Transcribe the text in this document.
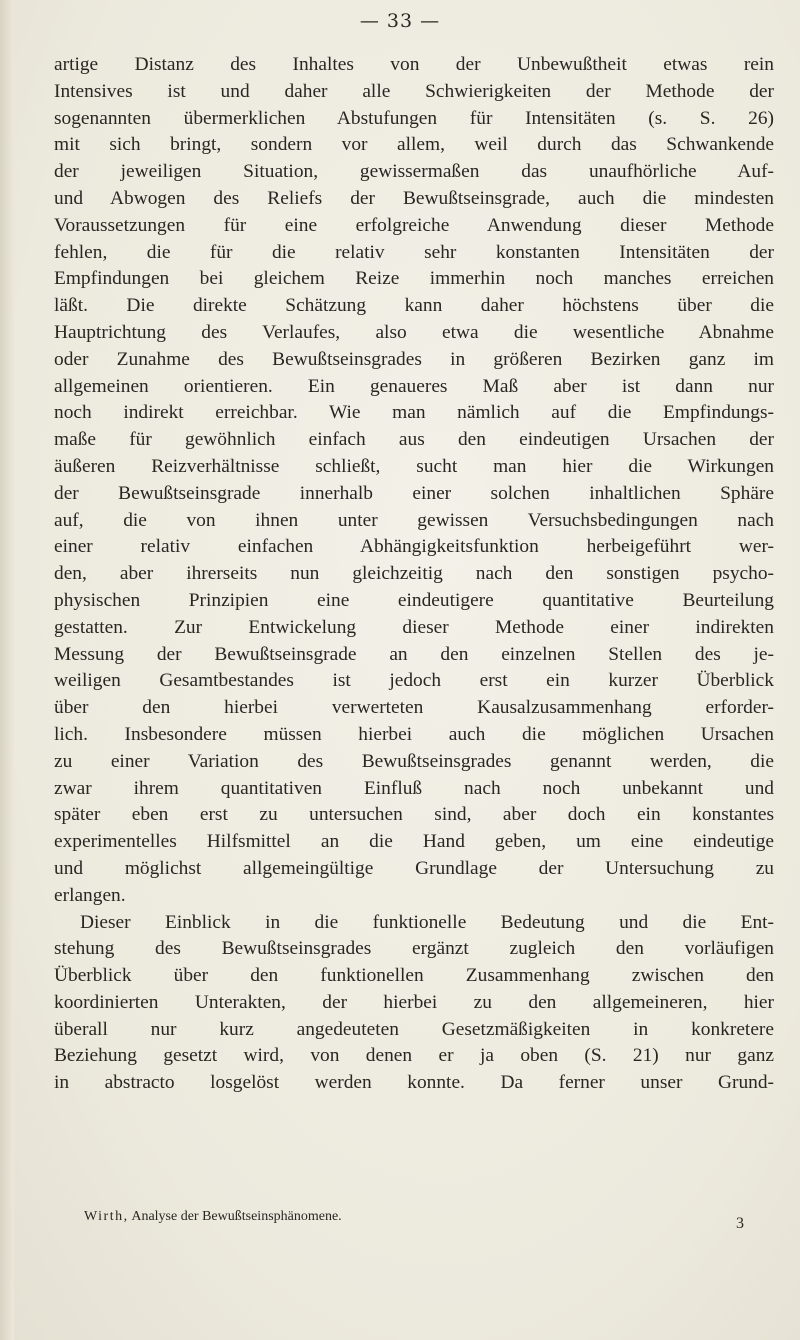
— 33 —
artige Distanz des Inhaltes von der Unbewußtheit etwas rein
Intensives ist und daher alle Schwierigkeiten der Methode der
sogenannten übermerklichen Abstufungen für Intensitäten (s. S. 26)
mit sich bringt, sondern vor allem, weil durch das Schwankende
der jeweiligen Situation, gewissermaßen das unaufhörliche Auf-
und Abwogen des Reliefs der Bewußtseinsgrade, auch die mindesten
Voraussetzungen für eine erfolgreiche Anwendung dieser Methode
fehlen, die für die relativ sehr konstanten Intensitäten der
Empfindungen bei gleichem Reize immerhin noch manches erreichen
läßt. Die direkte Schätzung kann daher höchstens über die
Hauptrichtung des Verlaufes, also etwa die wesentliche Abnahme
oder Zunahme des Bewußtseinsgrades in größeren Bezirken ganz im
allgemeinen orientieren. Ein genaueres Maß aber ist dann nur
noch indirekt erreichbar. Wie man nämlich auf die Empfindungs-
maße für gewöhnlich einfach aus den eindeutigen Ursachen der
äußeren Reizverhältnisse schließt, sucht man hier die Wirkungen
der Bewußtseinsgrade innerhalb einer solchen inhaltlichen Sphäre
auf, die von ihnen unter gewissen Versuchsbedingungen nach
einer relativ einfachen Abhängigkeitsfunktion herbeigeführt wer-
den, aber ihrerseits nun gleichzeitig nach den sonstigen psycho-
physischen Prinzipien eine eindeutigere quantitative Beurteilung
gestatten. Zur Entwickelung dieser Methode einer indirekten
Messung der Bewußtseinsgrade an den einzelnen Stellen des je-
weiligen Gesamtbestandes ist jedoch erst ein kurzer Überblick
über den hierbei verwerteten Kausalzusammenhang erforder-
lich. Insbesondere müssen hierbei auch die möglichen Ursachen
zu einer Variation des Bewußtseinsgrades genannt werden, die
zwar ihrem quantitativen Einfluß nach noch unbekannt und
später eben erst zu untersuchen sind, aber doch ein konstantes
experimentelles Hilfsmittel an die Hand geben, um eine eindeutige
und möglichst allgemeingültige Grundlage der Untersuchung zu
erlangen.
Dieser Einblick in die funktionelle Bedeutung und die Ent-
stehung des Bewußtseinsgrades ergänzt zugleich den vorläufigen
Überblick über den funktionellen Zusammenhang zwischen den
koordinierten Unterakten, der hierbei zu den allgemeineren, hier
überall nur kurz angedeuteten Gesetzmäßigkeiten in konkretere
Beziehung gesetzt wird, von denen er ja oben (S. 21) nur ganz
in abstracto losgelöst werden konnte. Da ferner unser Grund-
Wirth, Analyse der Bewußtseinsphänomene.	3
